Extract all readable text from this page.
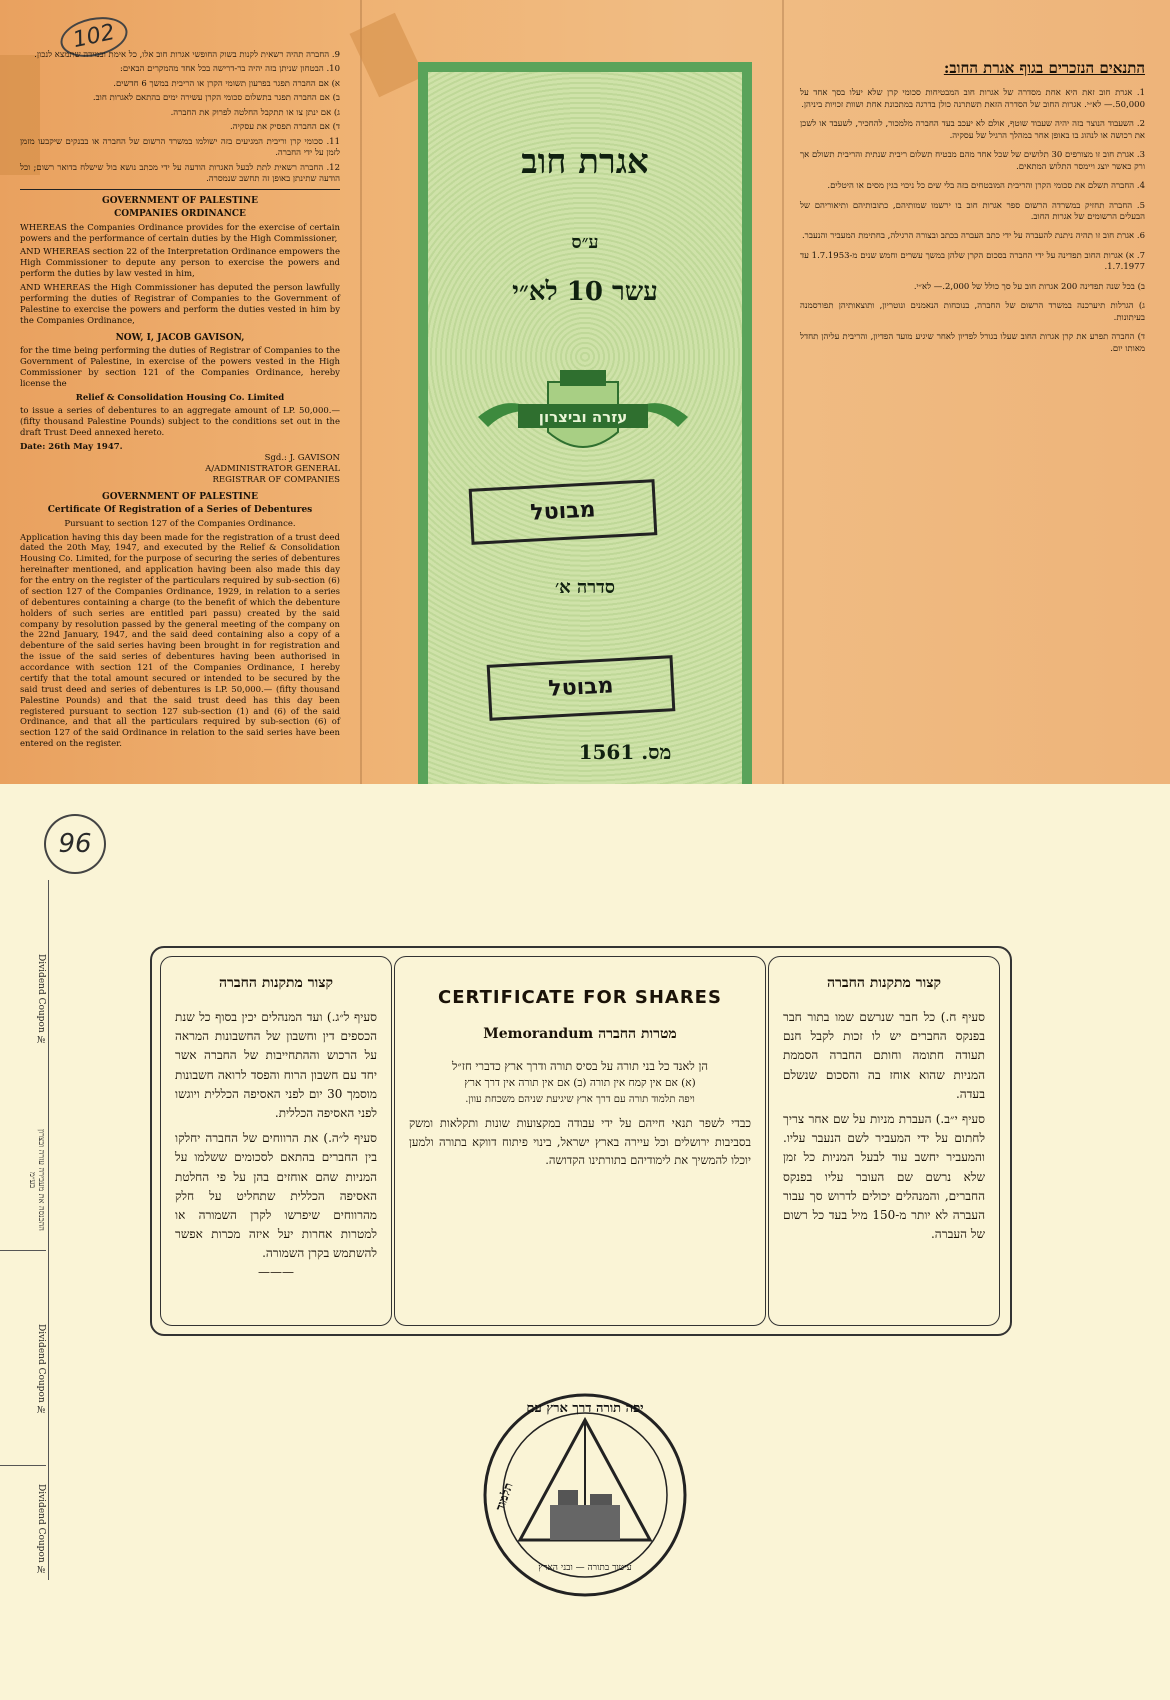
102

9. החברה תהיה רשאית לקנות בשוק החופשי אגרות חוב אלו, כל אימת ובמידה שתמצא לנכון.

10. הבטחון שניתן בזה יהיה בר-דרישה בכל אחד מהמקרים הבאים:

א) אם החברה תפגר בפרעון תשומי הקרן או הריבית במשך 6 חדשים.

ב) אם החברה תפגר בתשלום סכומי הקרן עשירה ימים בהתאם לאגרות חוב.

ג) אם ינתן צו או תתקבל החלטה לפרוק את החברה.

ד) אם החברה תפסיק את עסקיה.

11. סכומי קרן וריבית המגיעים בזה ישולמו במשרד הרשום של החברה או בבנקים שיקבעו מזמן לזמן על ידי החברה.

12. החברה רשאית לתת לבעל האגרות הודעה על ידי מכתב נושא בול שישלח בדואר רשום; וכל הודעה שתינתן באופן זה תחשב שנמסרה.

GOVERNMENT OF PALESTINE
COMPANIES ORDINANCE

WHEREAS the Companies Ordinance provides for the exercise of certain powers and the performance of certain duties by the High Commissioner,

AND WHEREAS section 22 of the Interpretation Ordinance empowers the High Commissioner to depute any person to exercise the powers and perform the duties by law vested in him,

AND WHEREAS the High Commissioner has deputed the person lawfully performing the duties of Registrar of Companies to the Government of Palestine to exercise the powers and perform the duties vested in him by the Companies Ordinance,

NOW, I, JACOB GAVISON,

for the time being performing the duties of Registrar of Companies to the Government of Palestine, in exercise of the powers vested in the High Commissioner by section 121 of the Companies Ordinance, hereby license the

Relief & Consolidation Housing Co. Limited

to issue a series of debentures to an aggregate amount of LP. 50,000.— (fifty thousand Palestine Pounds) subject to the conditions set out in the draft Trust Deed annexed hereto.

Date: 26th May 1947.

Sgd.: J. GAVISON

A/ADMINISTRATOR GENERAL

REGISTRAR OF COMPANIES

GOVERNMENT OF PALESTINE
Certificate Of Registration of a Series of Debentures

Pursuant to section 127 of the Companies Ordinance.

Application having this day been made for the registration of a trust deed dated the 20th May, 1947, and executed by the Relief & Consolidation Housing Co. Limited, for the purpose of securing the series of debentures hereinafter mentioned, and application having been also made this day for the entry on the register of the particulars required by sub-section (6) of section 127 of the Companies Ordinance, 1929, in relation to a series of debentures containing a charge (to the benefit of which the debenture holders of such series are entitled pari passu) created by the said company by resolution passed by the general meeting of the company on the 22nd January, 1947, and the said deed containing also a copy of a debenture of the said series having been brought in for registration and the issue of the said series of debentures having been authorised in accordance with section 121 of the Companies Ordinance, I hereby certify that the total amount secured or intended to be secured by the said trust deed and series of debentures is LP. 50,000.— (fifty thousand Palestine Pounds) and that the said trust deed has this day been registered pursuant to section 127 sub-section (1) and (6) of the said Ordinance, and that all the particulars required by sub-section (6) of section 127 of the said Ordinance in relation to the said series have been entered on the register.

אגרת חוב
ע״ס
עשר 10 לא״י
עזרה וביצרון
מבוטל
סדרה א׳
מבוטל
מס. 1561
התנאים הנזכרים בגוף אגרת החוב:

1. אגרת חוב זאת היא אחת מסדרה של אגרות חוב המבטיחות סכומי קרן שלא יעלו בסך אחד על 50,000.— לא״י. אגרות החוב של הסדרה הזאת תשתרנה כולן בדרגה במתכונת אחת ושוות זכויות ביניהן.

2. השעבוד הנוצר בזה יהיה שעבוד שוטף, אולם לא יעכב בעד החברה מלמכור, להחכיר, לשעבד או לשכן את רכושה או לנהוג בו באופן אחר במהלך הרגיל של עסקיה.

3. אגרת חוב זו מצורפים 30 תלושים של שכל אחד מהם מבטיח תשלום ריבית שנתית והריבית תשולם אך ורק כאשר יוצג ויימסר התלוש המתאים.

4. החברה תשלם את סכומי הקרן והריבית המובטחים בזה בלי שים כל ניכוי בגין מסים או היטלים.

5. החברה תחזיק במשרדה הרשום ספר אגרות חוב בו ירשמו שמותיהם, כתובותיהם ותיאוריהם של הבעלים הרשומים של אגרות החוב.

6. אגרת חוב זו תהיה ניתנת להעברה על ידי כתב העברה בכתב ובצורה הרגילה, בחתימת המעביר והנעבר.

7. א) אגרות החוב תפדינה על ידי החברה בסכום הקרן שלהן במשך עשרים וחמש שנים מ-1.7.1953 עד 1.7.1977.

ב) בכל שנה תפדינה 200 אגרות חוב על סך כולל של 2,000.— לא״י.

ג) הגרלות תיערכנה במשרד הרשום של החברה, בנוכחות הנאמנים ונוטריון, ותוצאותיהן תפורסמנה בעיתונות.

ד) החברה תפרע את קרן אגרות החוב שעלו בגורל לפדיון לאחר שיגיע מועד הפדיון, והריבית עליהן תחדל מאותו יום.

96
Dividend Coupon №
ההכנסה את מעבירה עזרה ובצרון בע״מ
Dividend Coupon №
Dividend Coupon №
קצור מתקנות החברה
סעיף ל״ג.) ועד המנהלים יכין בסוף כל שנת הכספים דין וחשבון של החשבונות המראה על הרכוש וההתחייבות של החברה אשר יחד עם חשבון הרוח והפסד לרואה חשבונות מוסמך 30 יום לפני האסיפה הכללית ויוגשו לפני האסיפה הכללית.
סעיף ל״ה.) את הרווחים של החברה יחלקו בין החברים בהתאם לסכומים ששלמו על המניות שהם אוחזים בהן על פי החלטת האסיפה הכללית שתחליט על חלק מהרווחים שיפרשו לקרן השמורה או למטרות אחרות יעל איזה מכרות אפשר להשתמש בקרן השמורה.
———
CERTIFICATE FOR SHARES
Memorandum מטרות החברה
הן לאנד כל בני תורה על בסיס תורה ודרך ארץ כדברי חז״ל
(א) אם אין קמח אין תורה (ב) אם אין תורה אין דרך ארץ
ויפה תלמוד תורה עם דרך ארץ שיגיעת שניהם משכחת עוון.
כבדי לשפר תנאי חייהם על ידי עבודה במקצועות שונות ותקלאות ומשק בסביבות ירושלים וכל עיירה בארץ ישראל, בינוי פיתוח דווקא בתורה ולמען יוכלו להמשיך את לימודיהם בתורתינו הקדושה.
קצור מתקנות החברה
סעיף ח.) כל חבר שנרשם שמו בתור חבר בפנקס החברים יש לו זכות לקבל חנם תעודה חתומה וחותם החברה הסממת המניות שהוא אוחז בה והסכום שנשלם בעדה.
סעיף י״ב.) העברת מניות על שם אחר צריך לחתום על ידי המעביר לשם הנעבר עליו. והמעביר יחשב עוד לבעל המניות כל זמן שלא נרשם שם העובר עליו בפנקס החברים, והמנהלים יכולים לדרוש סך עבור העברה לא יותר מ-150 מיל בעד כל רשום של העברה.
יפה תורה דרך ארץ עם
תלמוד
עיטור בתורה — ובני הארץ
